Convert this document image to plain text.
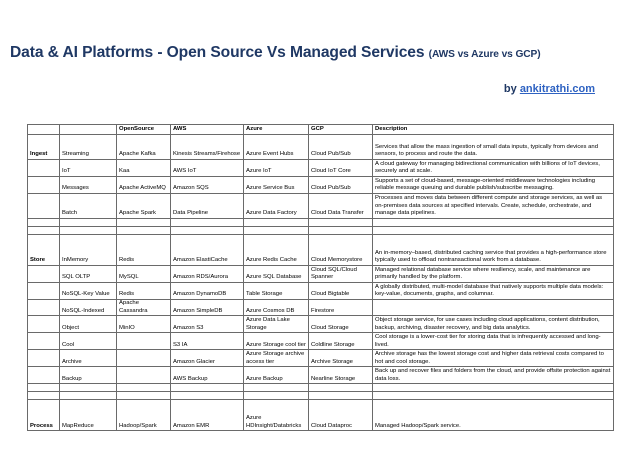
Data & AI Platforms - Open Source Vs Managed Services (AWS vs Azure vs GCP)
by ankitrathi.com
		OpenSource	AWS	Azure	GCP	Description
Ingest	Streaming	Apache Kafka	Kinesis Streams/Firehose	Azure Event Hubs	Cloud Pub/Sub	Services that allow the mass ingestion of small data inputs, typically from devices and sensors, to process and route the data.
	IoT	Kaa	AWS IoT	Azure IoT	Cloud IoT Core	A cloud gateway for managing bidirectional communication with billions of IoT devices, securely and at scale.
	Messages	Apache ActiveMQ	Amazon SQS	Azure Service Bus	Cloud Pub/Sub	Supports a set of cloud-based, message-oriented middleware technologies including reliable message queuing and durable publish/subscribe messaging.
	Batch	Apache Spark	Data Pipeline	Azure Data Factory	Cloud Data Transfer	Processes and moves data between different compute and storage services, as well as on-premises data sources at specified intervals. Create, schedule, orchestrate, and manage data pipelines.

Store	InMemory	Redis	Amazon ElastiCache	Azure Redis Cache	Cloud Memorystore	An in-memory–based, distributed caching service that provides a high-performance store typically used to offload nontransactional work from a database.
	SQL OLTP	MySQL	Amazon RDS/Aurora	Azure SQL Database	Cloud SQL/Cloud Spanner	Managed relational database service where resiliency, scale, and maintenance are primarily handled by the platform.
	NoSQL-Key Value	Redis	Amazon DynamoDB	Table Storage	Cloud Bigtable	A globally distributed, multi-model database that natively supports multiple data models: key-value, documents, graphs, and columnar.
	NoSQL-Indexed	Apache Cassandra	Amazon SimpleDB	Azure Cosmos DB	Firestore	
	Object	MinIO	Amazon S3	Azure Data Lake Storage	Cloud Storage	Object storage service, for use cases including cloud applications, content distribution, backup, archiving, disaster recovery, and big data analytics.
	Cool		S3 IA	Azure Storage cool tier	Coldline Storage	Cool storage is a lower-cost tier for storing data that is infrequently accessed and long-lived.
	Archive		Amazon Glacier	Azure Storage archive access tier	Archive Storage	Archive storage has the lowest storage cost and higher data retrieval costs compared to hot and cool storage.
	Backup		AWS Backup	Azure Backup	Nearline Storage	Back up and recover files and folders from the cloud, and provide offsite protection against data loss.

Process	MapReduce	Hadoop/Spark	Amazon EMR	Azure HDInsight/Databricks	Cloud Dataproc	Managed Hadoop/Spark service.
